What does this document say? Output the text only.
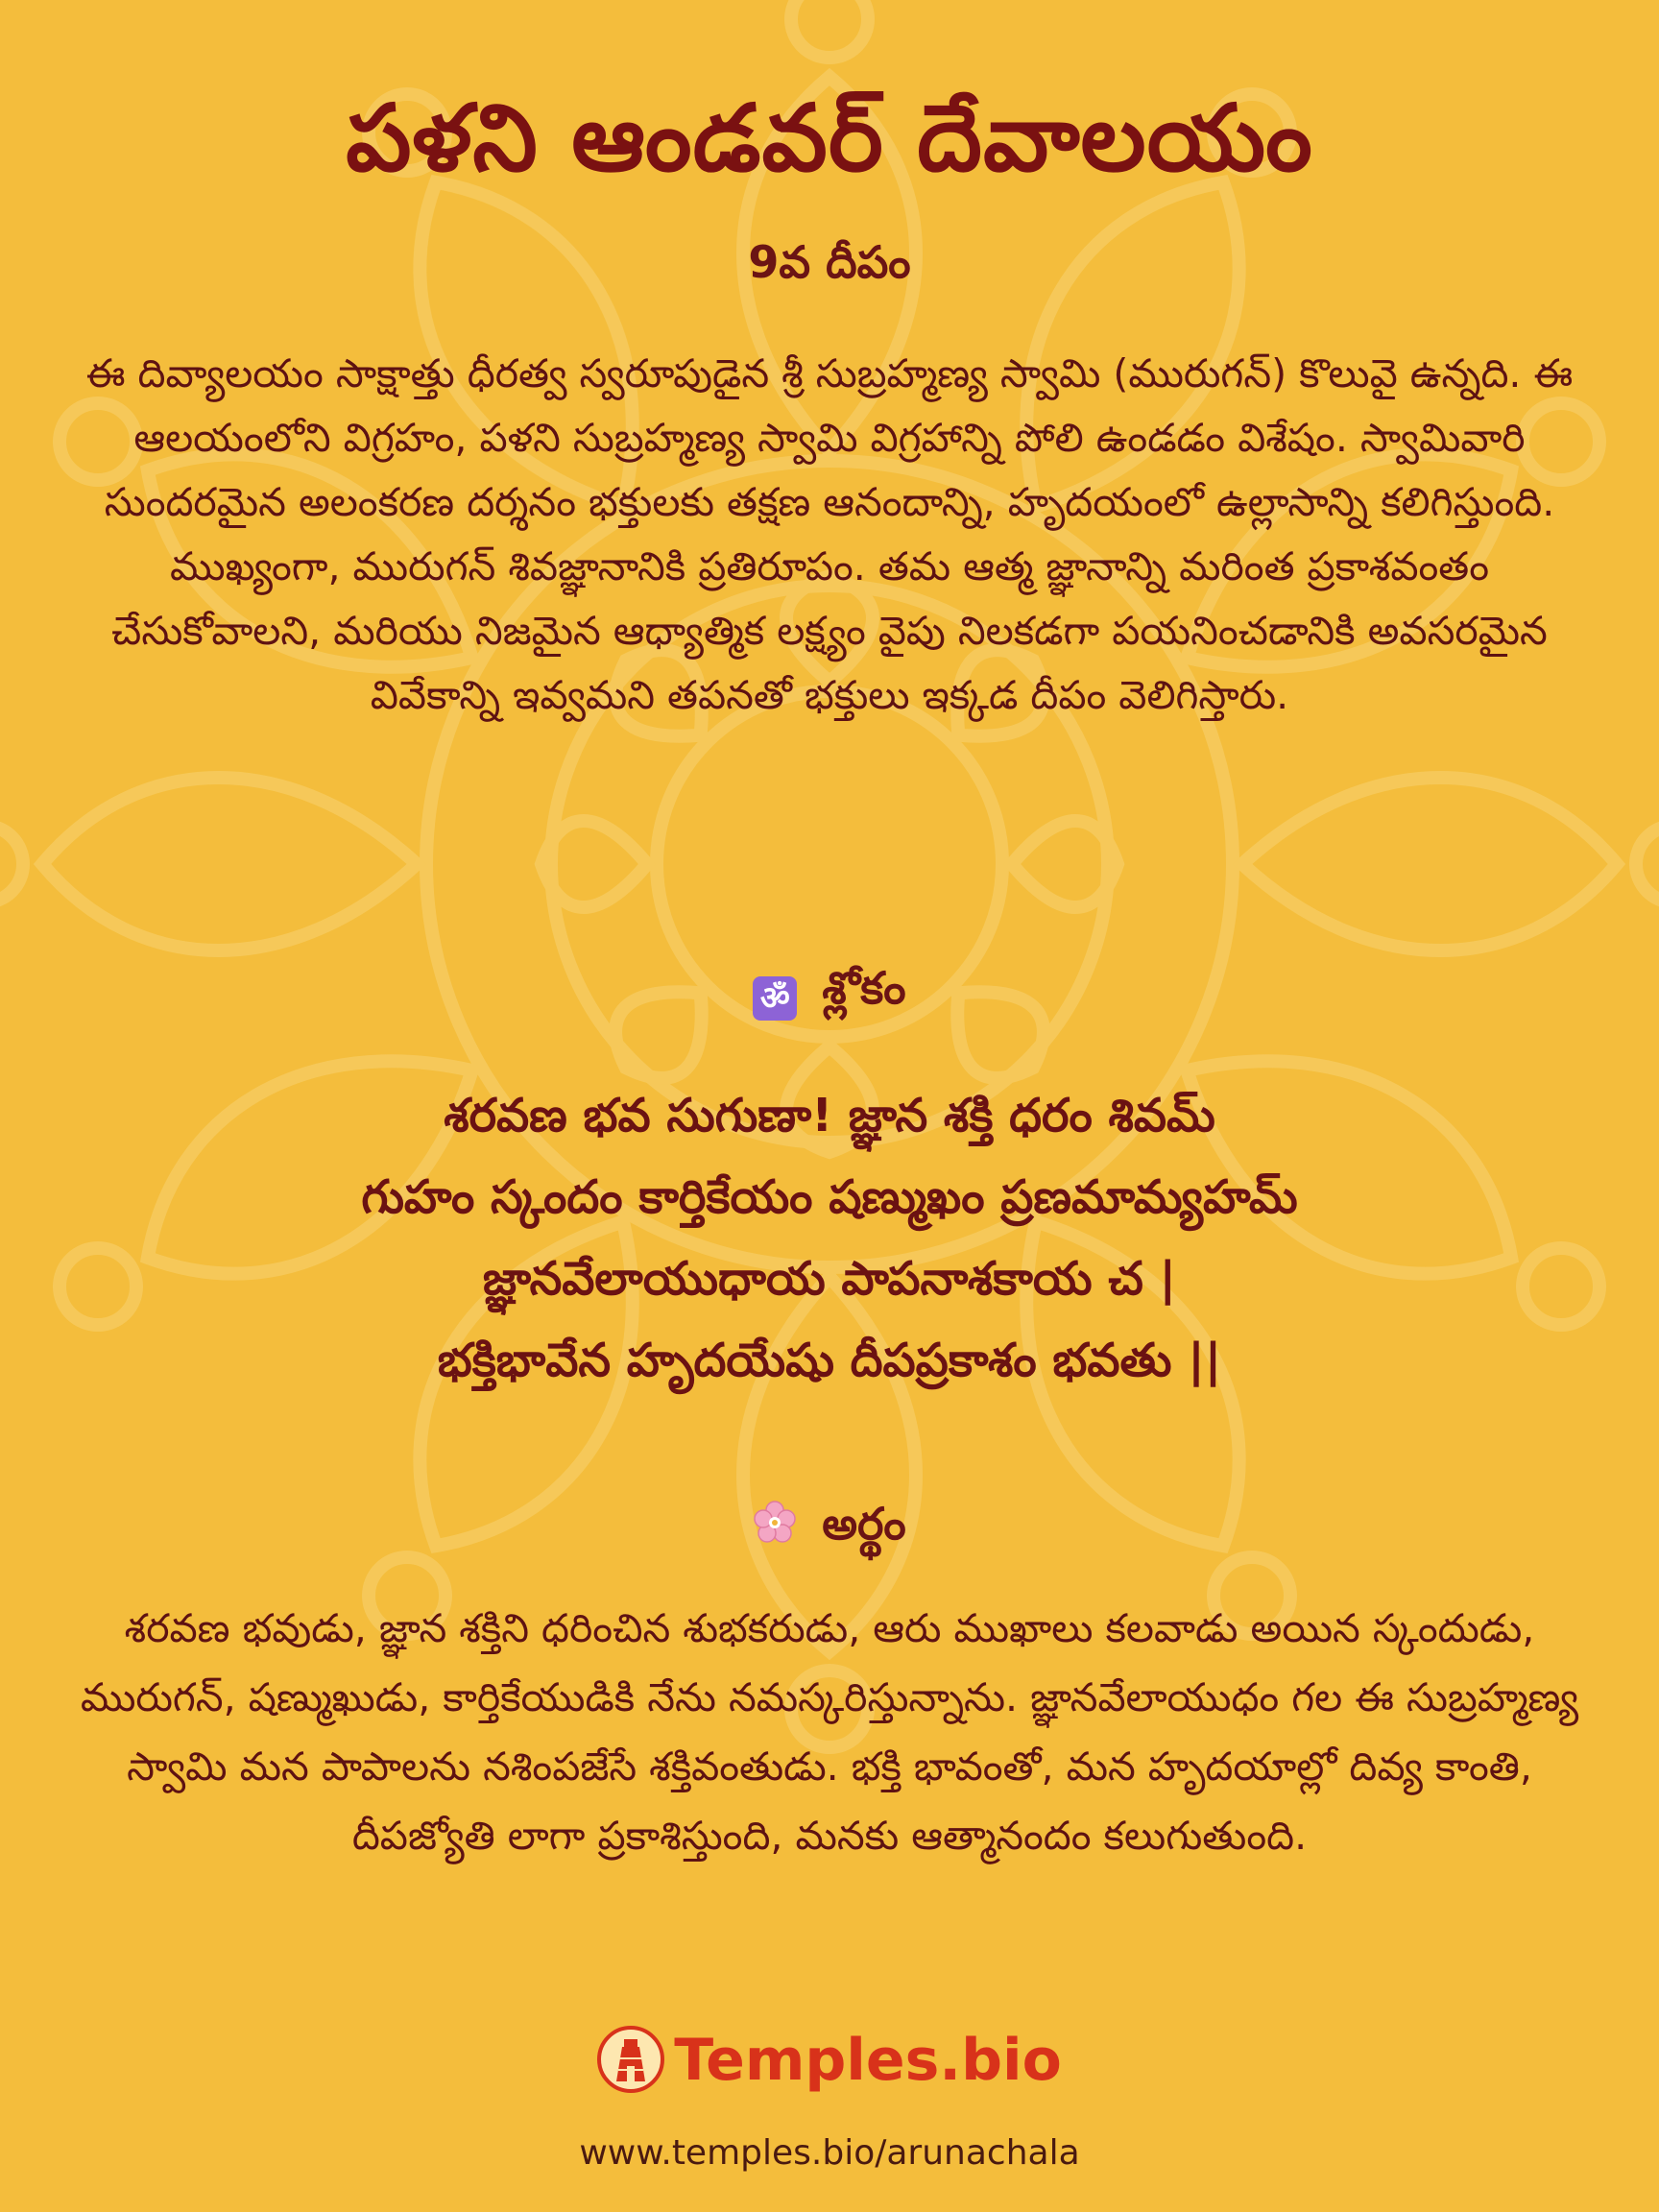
పళని ఆండవర్ దేవాలయం
9వ దీపం
ఈ దివ్యాలయం సాక్షాత్తు ధీరత్వ స్వరూపుడైన శ్రీ సుబ్రహ్మణ్య స్వామి (మురుగన్) కొలువై ఉన్నది. ఈ ఆలయంలోని విగ్రహం, పళని సుబ్రహ్మణ్య స్వామి విగ్రహాన్ని పోలి ఉండడం విశేషం. స్వామివారి సుందరమైన అలంకరణ దర్శనం భక్తులకు తక్షణ ఆనందాన్ని, హృదయంలో ఉల్లాసాన్ని కలిగిస్తుంది. ముఖ్యంగా, మురుగన్ శివజ్ఞానానికి ప్రతిరూపం. తమ ఆత్మ జ్ఞానాన్ని మరింత ప్రకాశవంతం చేసుకోవాలని, మరియు నిజమైన ఆధ్యాత్మిక లక్ష్యం వైపు నిలకడగా పయనించడానికి అవసరమైన వివేకాన్ని ఇవ్వమని తపనతో భక్తులు ఇక్కడ దీపం వెలిగిస్తారు.
ॐ శ్లోకం
శరవణ భవ సుగుణా! జ్ఞాన శక్తి ధరం శివమ్
గుహం స్కందం కార్తికేయం షణ్ముఖం ప్రణమామ్యహమ్
జ్ఞానవేలాయుధాయ పాపనాశకాయ చ |
భక్తిభావేన హృదయేషు దీపప్రకాశం భవతు ||
అర్థం
శరవణ భవుడు, జ్ఞాన శక్తిని ధరించిన శుభకరుడు, ఆరు ముఖాలు కలవాడు అయిన స్కందుడు, మురుగన్, షణ్ముఖుడు, కార్తికేయుడికి నేను నమస్కరిస్తున్నాను. జ్ఞానవేలాయుధం గల ఈ సుబ్రహ్మణ్య స్వామి మన పాపాలను నశింపజేసే శక్తివంతుడు. భక్తి భావంతో, మన హృదయాల్లో దివ్య కాంతి, దీపజ్యోతి లాగా ప్రకాశిస్తుంది, మనకు ఆత్మానందం కలుగుతుంది.
Temples.bio
www.temples.bio/arunachala
